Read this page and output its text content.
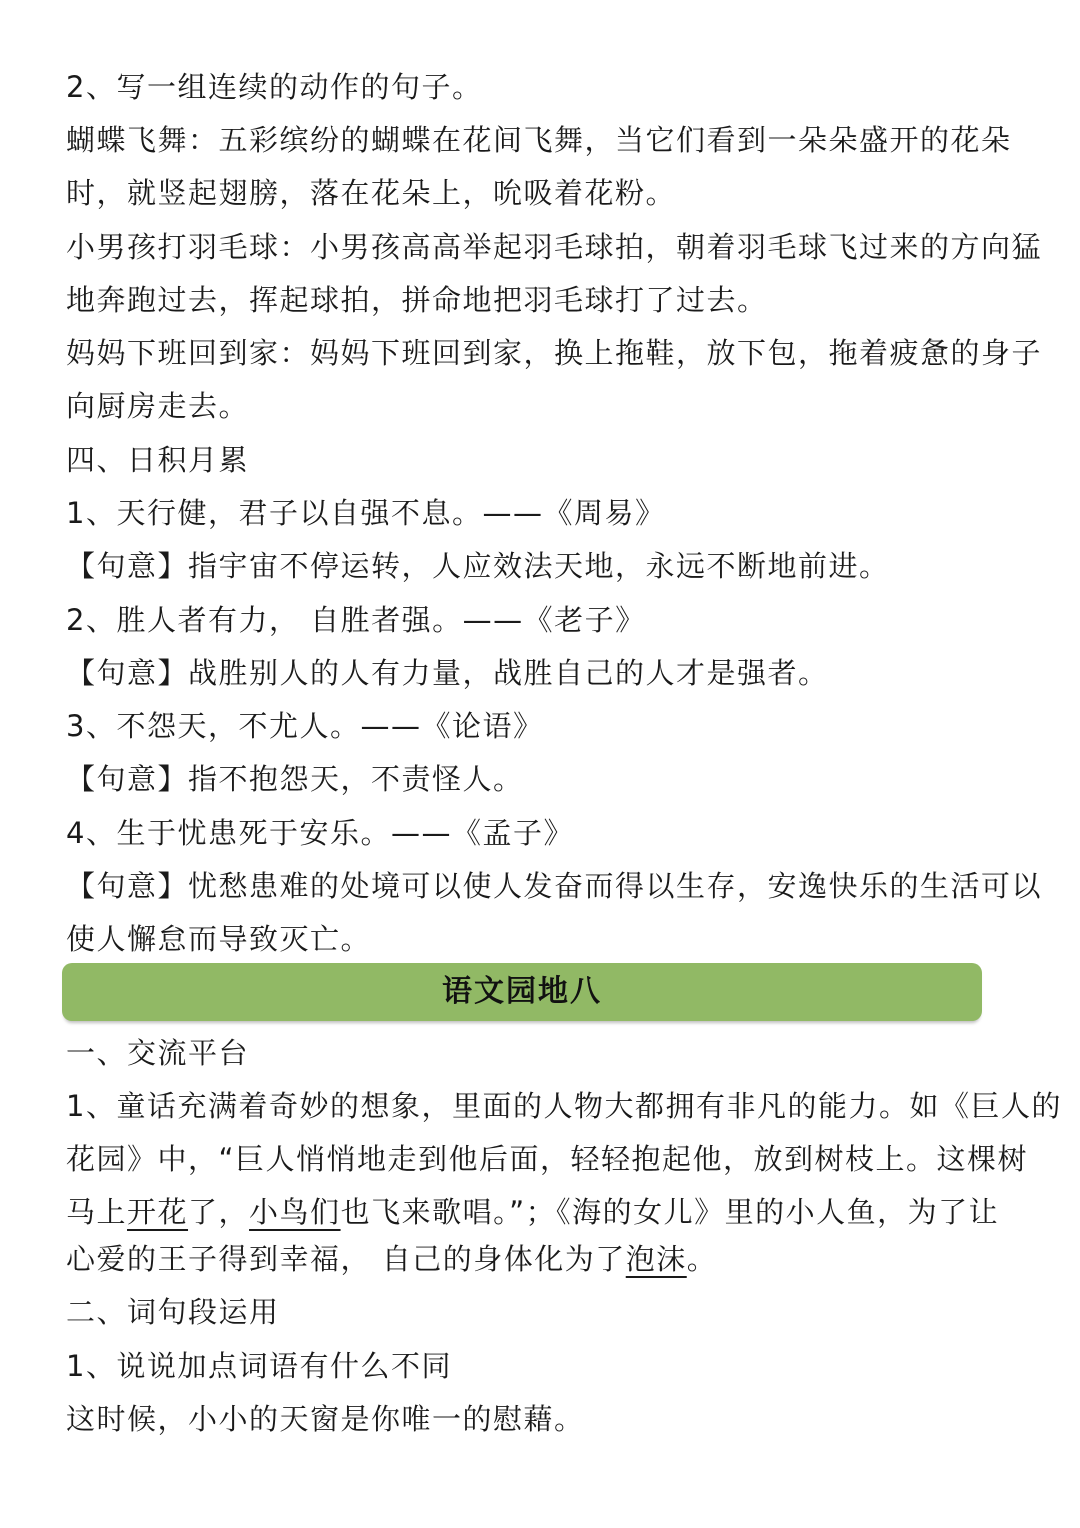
2、写一组连续的动作的句子。
蝴蝶飞舞：五彩缤纷的蝴蝶在花间飞舞，当它们看到一朵朵盛开的花朵
时，就竖起翅膀，落在花朵上，吮吸着花粉。
小男孩打羽毛球：小男孩高高举起羽毛球拍，朝着羽毛球飞过来的方向猛
地奔跑过去，挥起球拍，拼命地把羽毛球打了过去。
妈妈下班回到家：妈妈下班回到家，换上拖鞋，放下包，拖着疲惫的身子
向厨房走去。
四、日积月累
1、天行健，君子以自强不息。——《周易》
【句意】指宇宙不停运转，人应效法天地，永远不断地前进。
2、胜人者有力， 自胜者强。——《老子》
【句意】战胜别人的人有力量，战胜自己的人才是强者。
3、不怨天，不尤人。——《论语》
【句意】指不抱怨天，不责怪人。
4、生于忧患死于安乐。——《孟子》
【句意】忧愁患难的处境可以使人发奋而得以生存，安逸快乐的生活可以
使人懈怠而导致灭亡。
语文园地八
一、交流平台
1、童话充满着奇妙的想象，里面的人物大都拥有非凡的能力。如《巨人的
花园》中，“巨人悄悄地走到他后面，轻轻抱起他，放到树枝上。这棵树
马上开花了，小鸟们也飞来歌唱。”；《海的女儿》里的小人鱼，为了让
心爱的王子得到幸福， 自己的身体化为了泡沫。
二、词句段运用
1、说说加点词语有什么不同
这时候，小小的天窗是你唯一的慰藉。
